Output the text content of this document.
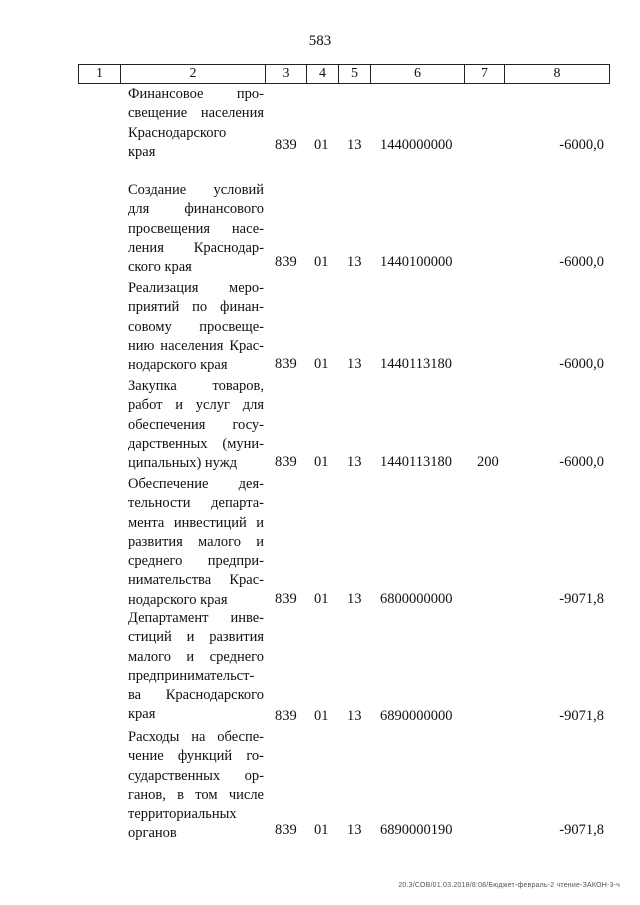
583
1	2	3	4	5	6	7	8
Финансовое про-
свещение населения
Краснодарского
края	839 01 13 1440000000	-6000,0
Создание условий
для финансового
просвещения насе-
ления Краснодар-
ского края	839 01 13 1440100000	-6000,0
Реализация меро-
приятий по финан-
совому просвеще-
нию населения Крас-
нодарского края	839 01 13 1440113180	-6000,0
Закупка товаров,
работ и услуг для
обеспечения госу-
дарственных (муни-
ципальных) нужд	839 01 13 1440113180 200	-6000,0
Обеспечение дея-
тельности департа-
мента инвестиций и
развития малого и
среднего предпри-
нимательства Крас-
нодарского края	839 01 13 6800000000	-9071,8
Департамент инве-
стиций и развития
малого и среднего
предпринимательст-
ва Краснодарского
края	839 01 13 6890000000	-9071,8
Расходы на обеспе-
чение функций го-
сударственных ор-
ганов, в том числе
территориальных
органов	839 01 13 6890000190	-9071,8
20.3/СОВ/01.03.2018/8:08/Бюджет-февраль-2 чтение-ЗАКОН-3-ч
